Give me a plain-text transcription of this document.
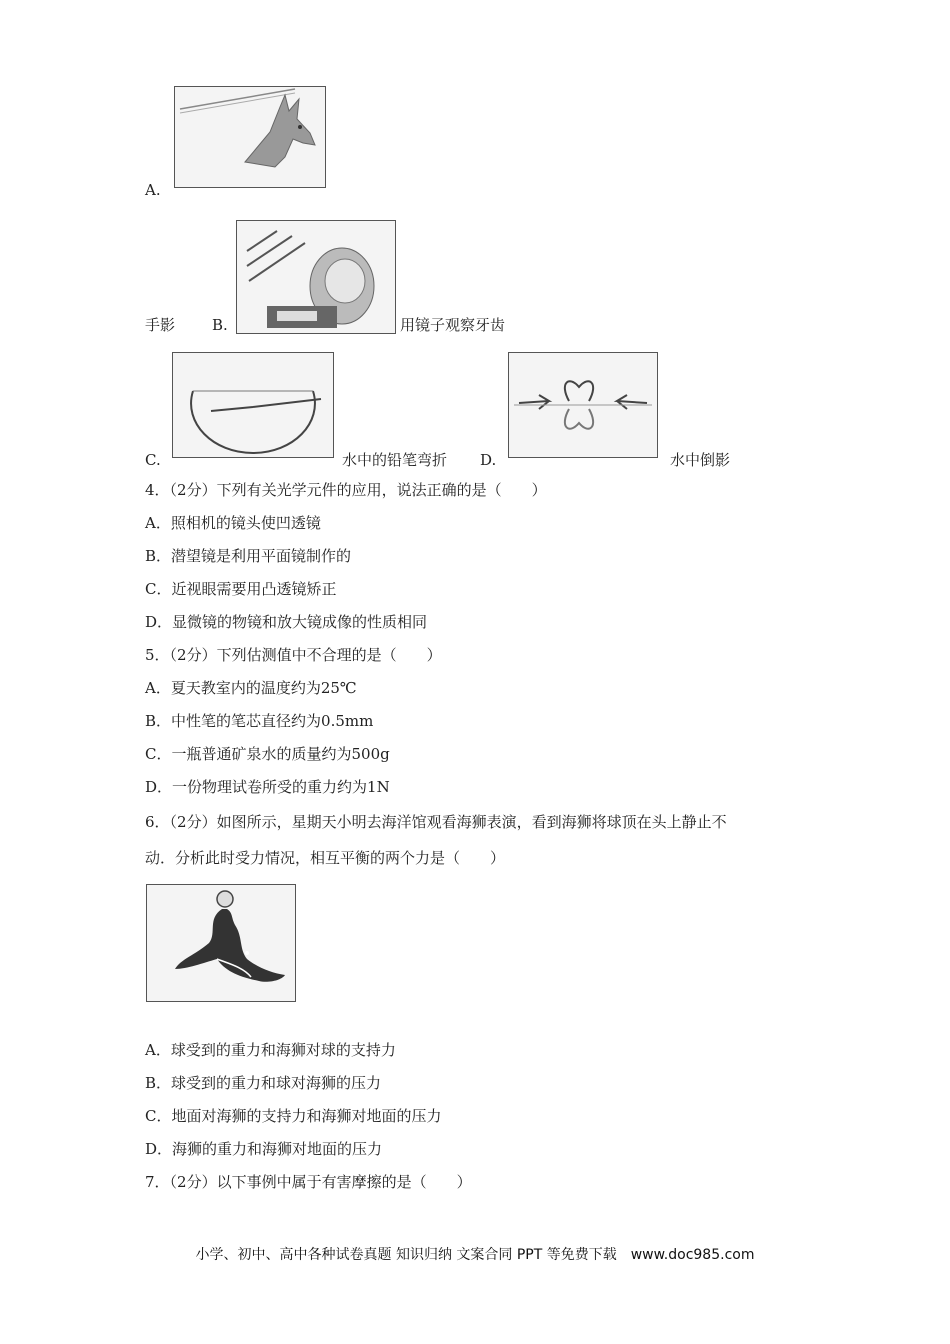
A.
手影 B.	用镜子观察牙齿
C.	水中的铅笔弯折 D.	水中倒影
4．（2分）下列有关光学元件的应用，说法正确的是（　　）
A．照相机的镜头使凹透镜
B．潜望镜是利用平面镜制作的
C．近视眼需要用凸透镜矫正
D．显微镜的物镜和放大镜成像的性质相同
5．（2分）下列估测值中不合理的是（　　）
A．夏天教室内的温度约为25℃
B．中性笔的笔芯直径约为0.5mm
C．一瓶普通矿泉水的质量约为500g
D．一份物理试卷所受的重力约为1N
6．（2分）如图所示，星期天小明去海洋馆观看海狮表演，看到海狮将球顶在头上静止不
动．分析此时受力情况，相互平衡的两个力是（　　）
A．球受到的重力和海狮对球的支持力
B．球受到的重力和球对海狮的压力
C．地面对海狮的支持力和海狮对地面的压力
D．海狮的重力和海狮对地面的压力
7．（2分）以下事例中属于有害摩擦的是（　　）
小学、初中、高中各种试卷真题 知识归纳 文案合同 PPT 等免费下载　www.doc985.com
